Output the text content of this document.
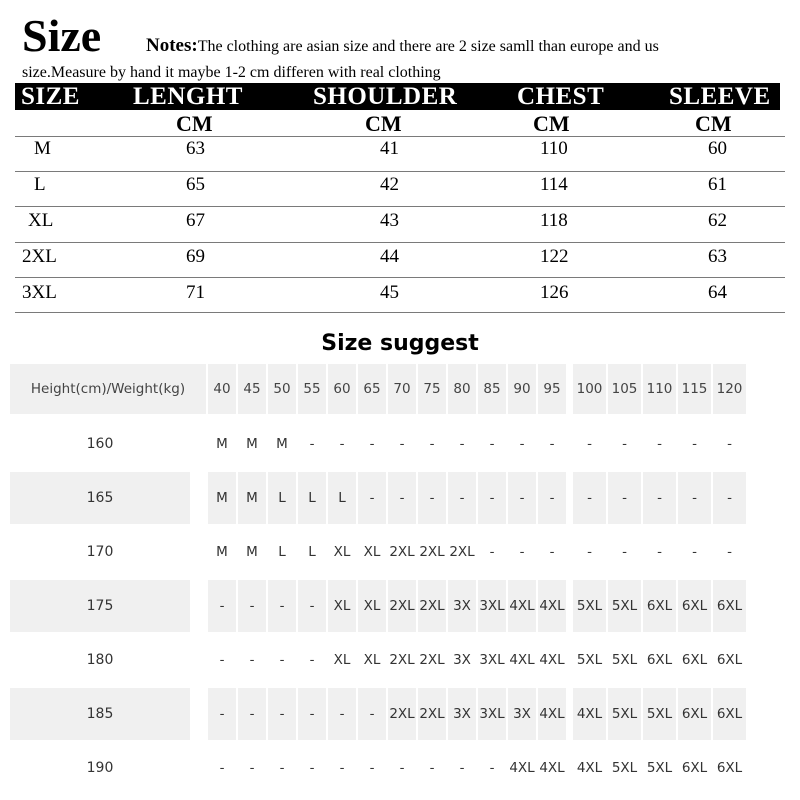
Size Notes:The clothing are asian size and there are 2 size samll than europe and us
size.Measure by hand it maybe 1-2 cm differen with real clothing
SIZE LENGHT	SHOULDER CHEST	SLEEVE
CM	CM	CM	CM
M	63	41	110	60
L	65	42	114	61
XL	67	43	118	62
2XL	69	44	122	63
3XL	71	45	126	64
Size suggest
Height(cm)/Weight(kg)	40 45 50 55 60 65 70 75 80 85 90 95	100 105 110 115 120
160	M	M	M	-	-	-	-	-	-	-	-	-	-	-	-	-	-
165	M	M	L	L	L	-	-	-	-	-	-	-	-	-	-	-	-
170	M	M	L	L	XL XL 2XL 2XL 2XL	-	-	-	-	-	-	-	-
175	-	-	-	-	XL XL 2XL 2XL 3X 3XL 4XL 4XL 5XL 5XL 6XL 6XL 6XL
180	-	-	-	-	XL XL 2XL 2XL 3X 3XL 4XL 4XL 5XL 5XL 6XL 6XL 6XL
185	-	-	-	-	-	-	2XL 2XL 3X 3XL 3X 4XL 4XL 5XL 5XL 6XL 6XL
190	-	-	-	-	-	-	-	-	-	-	4XL 4XL 4XL 5XL 5XL 6XL 6XL
